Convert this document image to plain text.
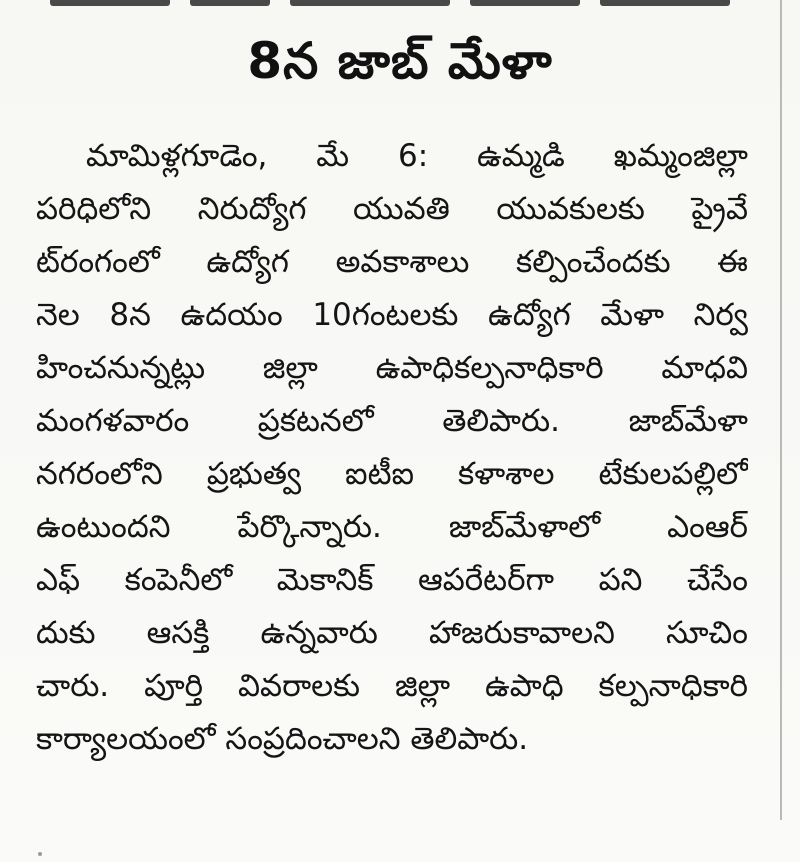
8న జాబ్ మేళా
మామిళ్లగూడెం, మే 6: ఉమ్మడి ఖమ్మంజిల్లా
పరిధిలోని నిరుద్యోగ యువతి యువకులకు ప్రైవే
ట్‌రంగంలో ఉద్యోగ అవకాశాలు కల్పించేందకు ఈ
నెల 8న ఉదయం 10గంటలకు ఉద్యోగ మేళా నిర్వ
హించనున్నట్లు జిల్లా ఉపాధికల్పనాధికారి మాధవి
మంగళవారం ప్రకటనలో తెలిపారు. జాబ్‌మేళా
నగరంలోని ప్రభుత్వ ఐటీఐ కళాశాల టేకులపల్లిలో
ఉంటుందని పేర్కొన్నారు. జాబ్‌మేళాలో ఎంఆర్
ఎఫ్ కంపెనీలో మెకానిక్ ఆపరేటర్‌గా పని చేసేం
దుకు ఆసక్తి ఉన్నవారు హాజరుకావాలని సూచిం
చారు. పూర్తి వివరాలకు జిల్లా ఉపాధి కల్పనాధికారి
కార్యాలయంలో సంప్రదించాలని తెలిపారు.
